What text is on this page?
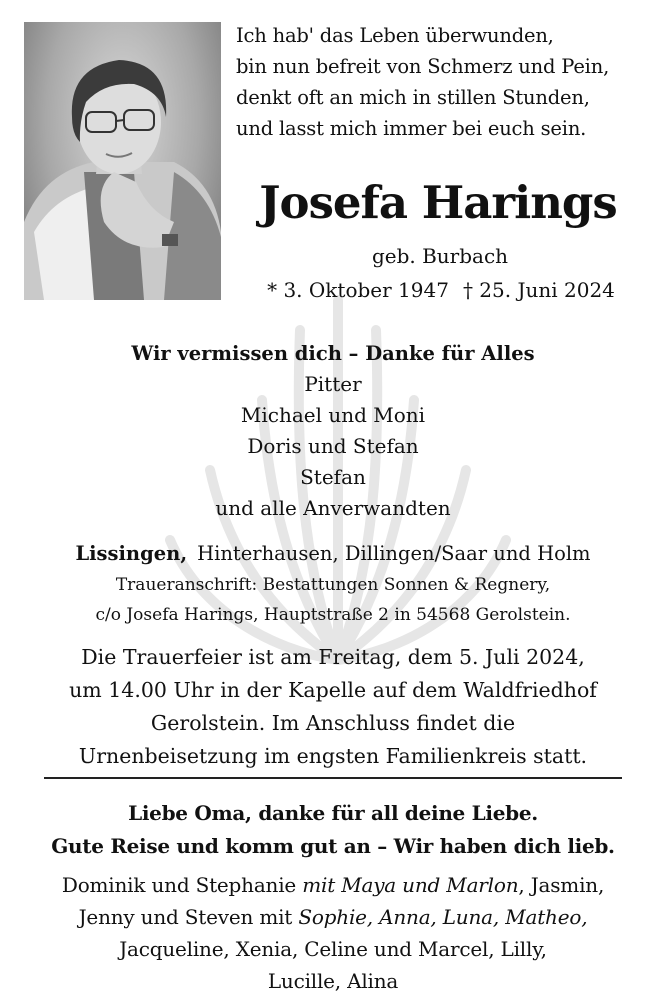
Ich hab' das Leben überwunden,
bin nun befreit von Schmerz und Pein,
denkt oft an mich in stillen Stunden,
und lasst mich immer bei euch sein.
Josefa Harings
geb. Burbach
* 3. Oktober 1947 † 25. Juni 2024
Wir vermissen dich – Danke für Alles
Pitter
Michael und Moni
Doris und Stefan
Stefan
und alle Anverwandten
Lissingen, Hinterhausen, Dillingen/Saar und Holm
Traueranschrift: Bestattungen Sonnen & Regnery,
c/o Josefa Harings, Hauptstraße 2 in 54568 Gerolstein.
Die Trauerfeier ist am Freitag, dem 5. Juli 2024,
um 14.00 Uhr in der Kapelle auf dem Waldfriedhof
Gerolstein. Im Anschluss findet die
Urnenbeisetzung im engsten Familienkreis statt.
Liebe Oma, danke für all deine Liebe.
Gute Reise und komm gut an – Wir haben dich lieb.
Dominik und Stephanie mit Maya und Marlon, Jasmin,
Jenny und Steven mit Sophie, Anna, Luna, Matheo,
Jacqueline, Xenia, Celine und Marcel, Lilly,
Lucille, Alina
